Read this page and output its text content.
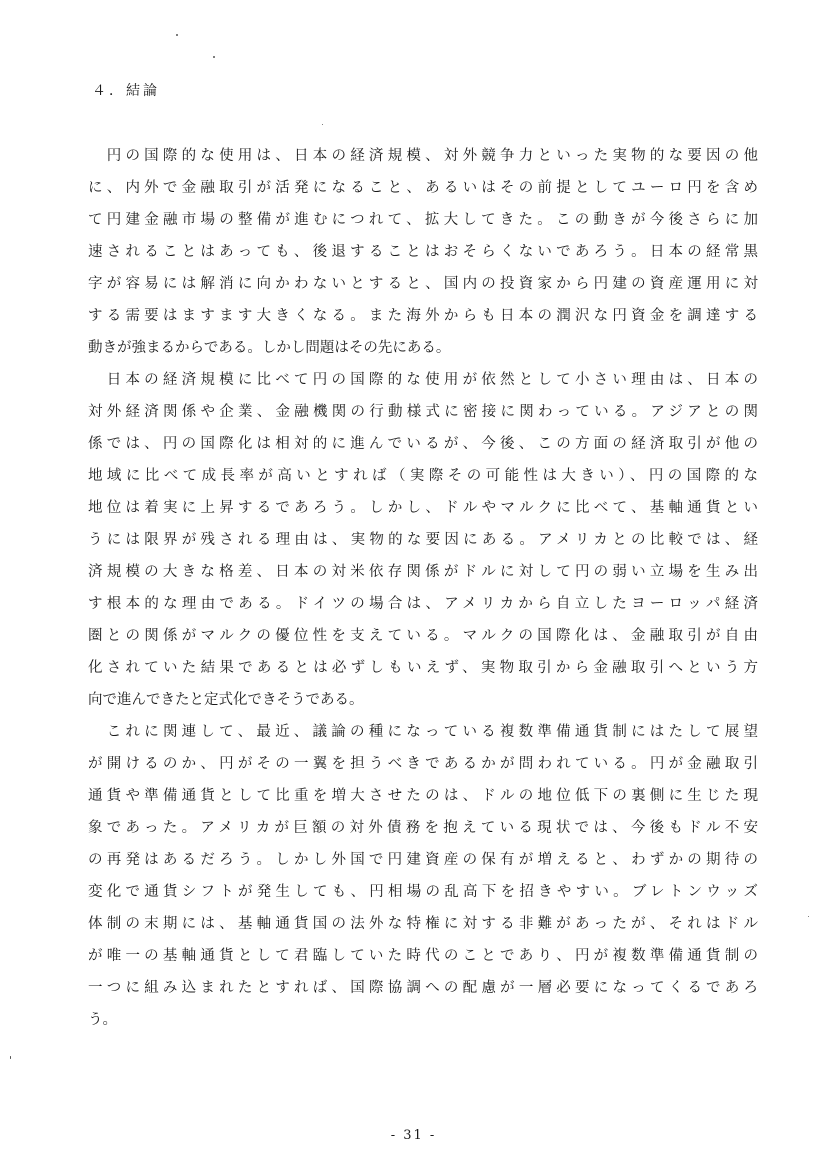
４．結論
　円の国際的な使用は、日本の経済規模、対外競争力といった実物的な要因の他
に、内外で金融取引が活発になること、あるいはその前提としてユーロ円を含め
て円建金融市場の整備が進むにつれて、拡大してきた。この動きが今後さらに加
速されることはあっても、後退することはおそらくないであろう。日本の経常黒
字が容易には解消に向かわないとすると、国内の投資家から円建の資産運用に対
する需要はますます大きくなる。また海外からも日本の潤沢な円資金を調達する
動きが強まるからである。しかし問題はその先にある。
　日本の経済規模に比べて円の国際的な使用が依然として小さい理由は、日本の
対外経済関係や企業、金融機関の行動様式に密接に関わっている。アジアとの関
係では、円の国際化は相対的に進んでいるが、今後、この方面の経済取引が他の
地域に比べて成長率が高いとすれば（実際その可能性は大きい）、円の国際的な
地位は着実に上昇するであろう。しかし、ドルやマルクに比べて、基軸通貨とい
うには限界が残される理由は、実物的な要因にある。アメリカとの比較では、経
済規模の大きな格差、日本の対米依存関係がドルに対して円の弱い立場を生み出
す根本的な理由である。ドイツの場合は、アメリカから自立したヨーロッパ経済
圏との関係がマルクの優位性を支えている。マルクの国際化は、金融取引が自由
化されていた結果であるとは必ずしもいえず、実物取引から金融取引へという方
向で進んできたと定式化できそうである。
　これに関連して、最近、議論の種になっている複数準備通貨制にはたして展望
が開けるのか、円がその一翼を担うべきであるかが問われている。円が金融取引
通貨や準備通貨として比重を増大させたのは、ドルの地位低下の裏側に生じた現
象であった。アメリカが巨額の対外債務を抱えている現状では、今後もドル不安
の再発はあるだろう。しかし外国で円建資産の保有が増えると、わずかの期待の
変化で通貨シフトが発生しても、円相場の乱高下を招きやすい。ブレトンウッズ
体制の末期には、基軸通貨国の法外な特権に対する非難があったが、それはドル
が唯一の基軸通貨として君臨していた時代のことであり、円が複数準備通貨制の
一つに組み込まれたとすれば、国際協調への配慮が一層必要になってくるであろ
う。
- 31 -
